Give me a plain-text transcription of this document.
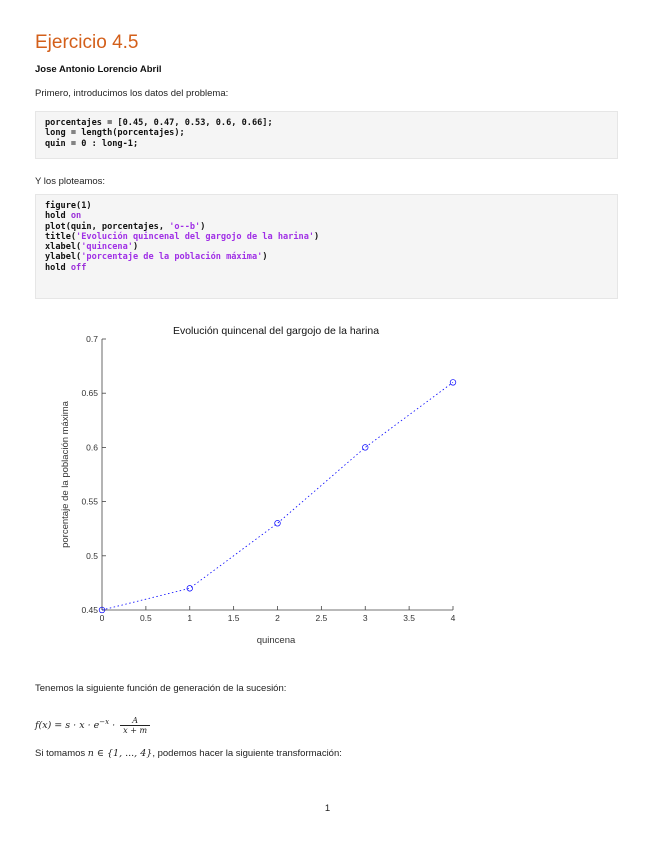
Ejercicio 4.5
Jose Antonio Lorencio Abril
Primero, introducimos los datos del problema:
porcentajes = [0.45, 0.47, 0.53, 0.6, 0.66];
long = length(porcentajes);
quin = 0 : long-1;
Y los ploteamos:
figure(1)
hold on
plot(quin, porcentajes, 'o--b')
title('Evolución quincenal del gargojo de la harina')
xlabel('quincena')
ylabel('porcentaje de la población máxima')
hold off
Evolución quincenal del gargojo de la harina
quincena
porcentaje de la población máxima
0	0.5	1	1.5	2	2.5	3	3.5	4
0.45
0.5
0.55
0.6
0.65
0.7
Tenemos la siguiente función de generación de la sucesión:
$f(x) = s \cdot x \cdot e^{-x} \cdot \frac{A}{x + m}$
Si tomamos n ∈ {1, ..., 4}, podemos hacer la siguiente transformación:
1
